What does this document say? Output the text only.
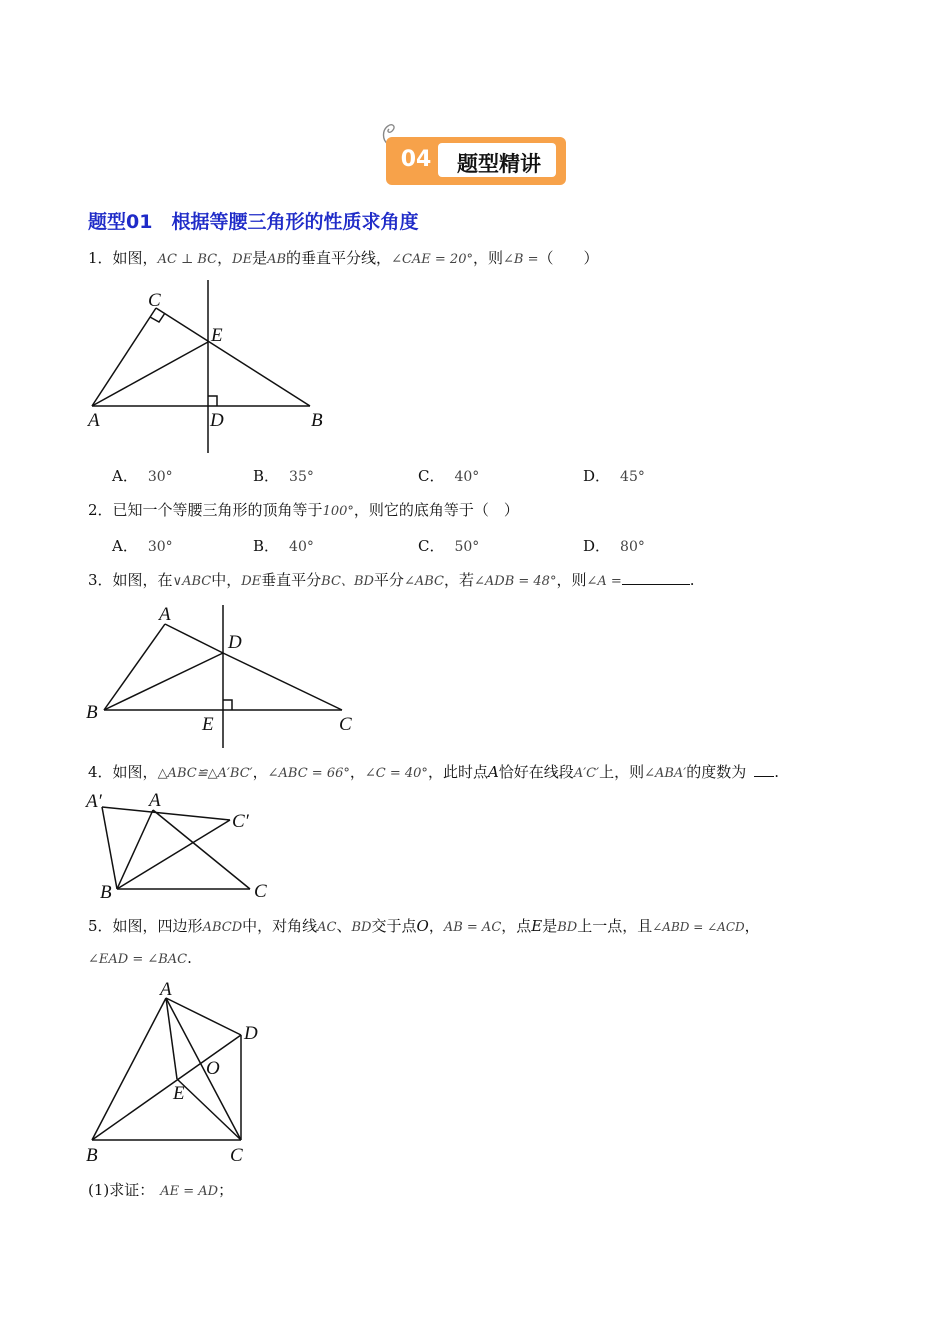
04	题型精讲
题型01　根据等腰三角形的性质求角度
1．如图，AC ⊥ BC，DE是AB的垂直平分线，∠CAE = 20°，则∠B =（　　）
C
E
A	D	B
A． 30°	B． 35°	C． 40°	D． 45°
2．已知一个等腰三角形的顶角等于100°，则它的底角等于（　）
A． 30°	B． 40°	C． 50°	D． 80°
3．如图，在∨ABC中，DE垂直平分BC、BD平分∠ABC，若∠ADB = 48°，则∠A =	.
A
D
B
E	C
4．如图，△ABC≌△A′BC′，∠ABC = 66°，∠C = 40°，此时点A恰好在线段A′C′上，则∠ABA′的度数为 .
A′ A
C′
B	C
5．如图，四边形ABCD中，对角线AC、BD交于点O，AB = AC，点E是BD上一点，且∠ABD = ∠ACD，
∠EAD = ∠BAC.
A
D
O
E
B	C
(1)求证： AE = AD；
